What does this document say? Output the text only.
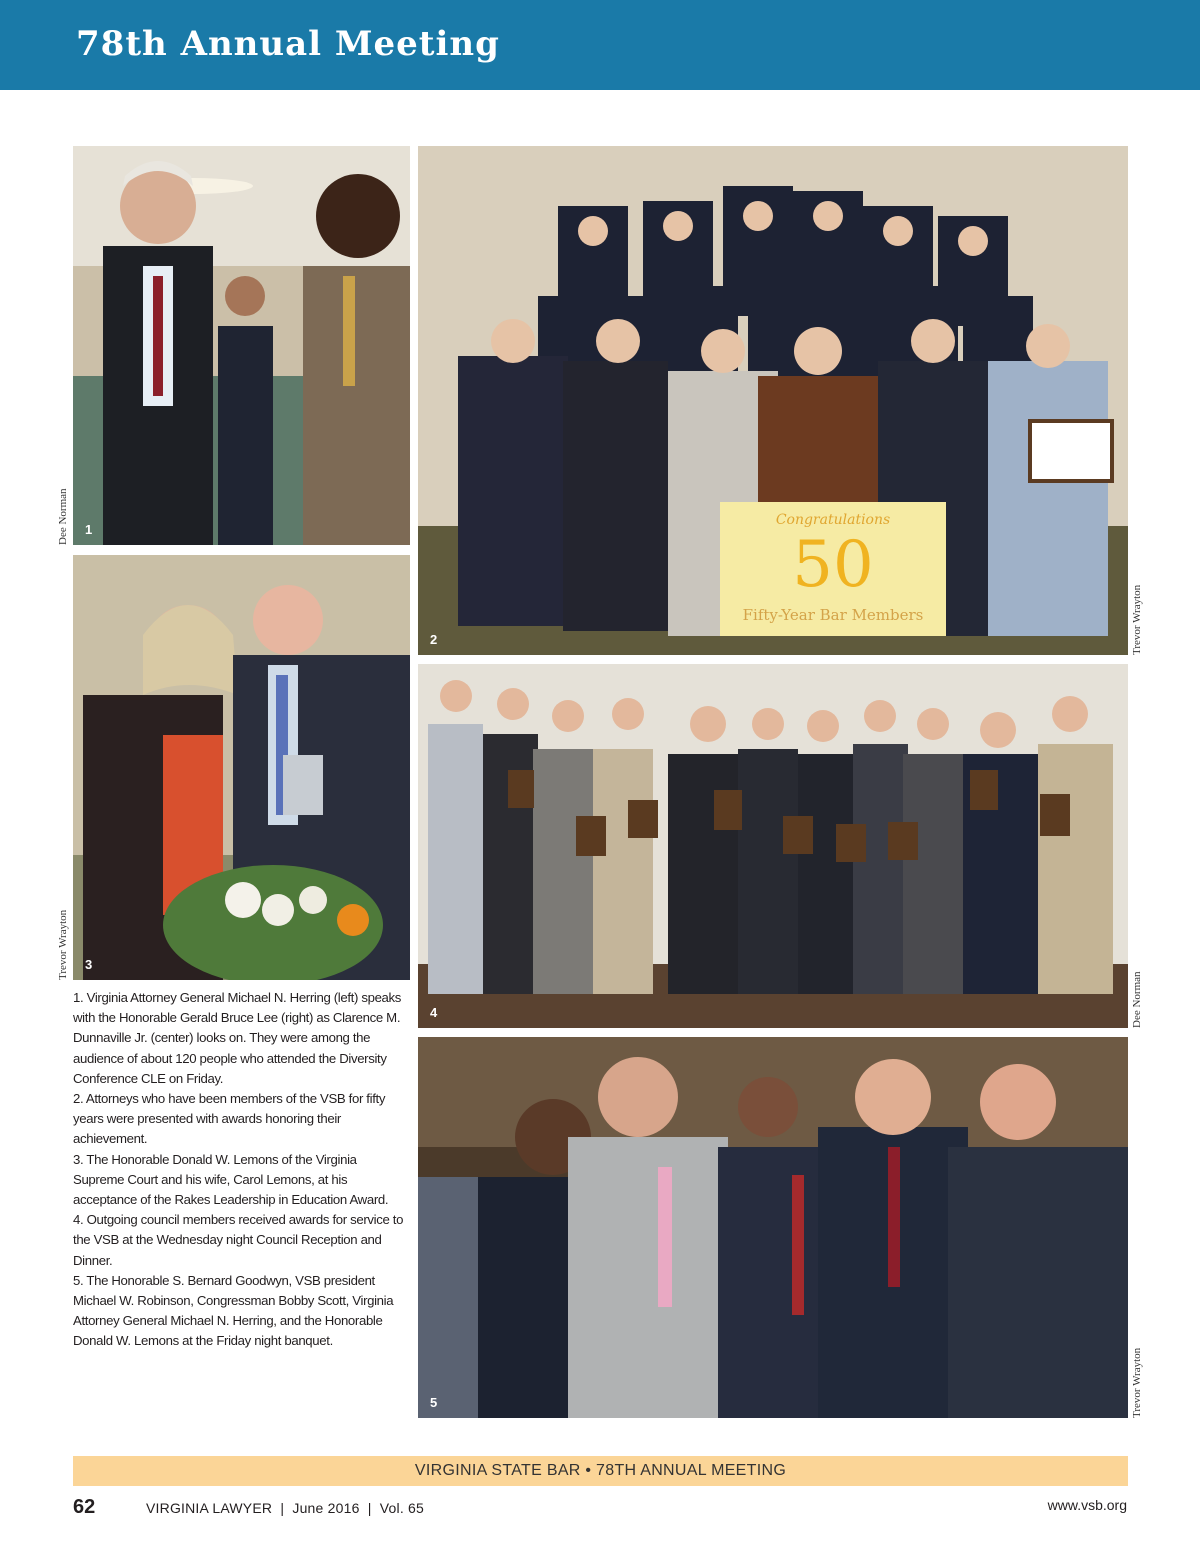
78th Annual Meeting
1
Congratulations
50
Fifty-Year Bar Members
2
3
4
5
Dee Norman
Trevor Wrayton
Trevor Wrayton
Dee Norman
Trevor Wrayton

1. Virginia Attorney General Michael N. Herring (left) speaks with the Honorable Gerald Bruce Lee (right) as Clarence M. Dunnaville Jr. (center) looks on. They were among the audience of about 120 people who attended the Diversity Conference CLE on Friday.

2. Attorneys who have been members of the VSB for fifty years were presented with awards honoring their achievement.

3. The Honorable Donald W. Lemons of the Virginia Supreme Court and his wife, Carol Lemons, at his acceptance of the Rakes Leadership in Education Award.

4. Outgoing council members received awards for service to the VSB at the Wednesday night Council Reception and Dinner.

5. The Honorable S. Bernard Goodwyn, VSB president Michael W. Robinson, Congressman Bobby Scott, Virginia Attorney General Michael N. Herring, and the Honorable Donald W. Lemons at the Friday night banquet.

VIRGINIA STATE BAR • 78TH ANNUAL MEETING
62	VIRGINIA LAWYER  |  June 2016  |  Vol. 65	www.vsb.org
